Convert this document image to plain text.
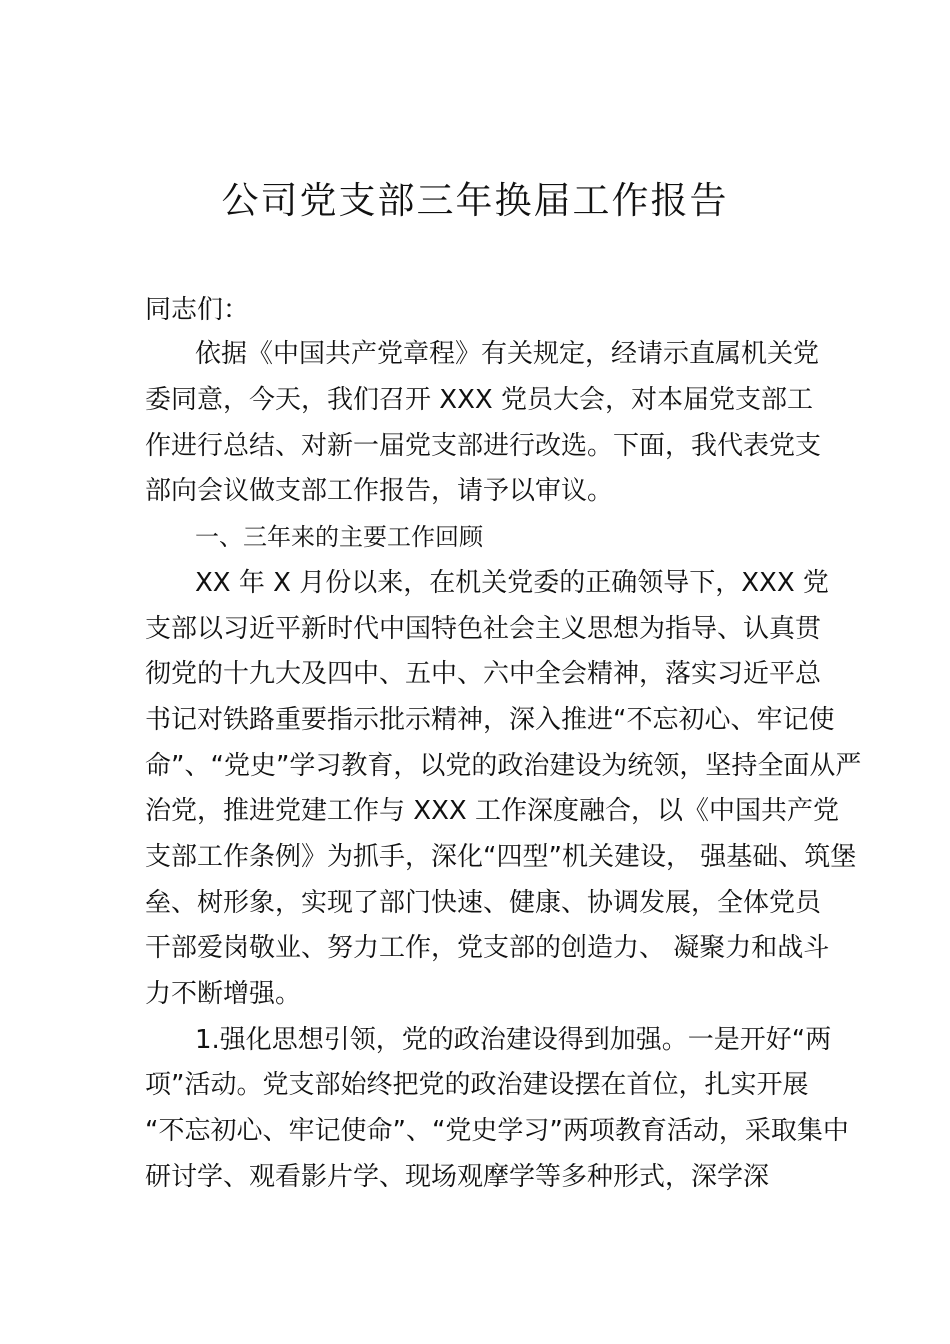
公司党支部三年换届工作报告

同志们：

依据《中国共产党章程》有关规定，经请示直属机关党

委同意，今天，我们召开 XXX 党员大会，对本届党支部工

作进行总结、对新一届党支部进行改选。下面，我代表党支

部向会议做支部工作报告，请予以审议。

一、三年来的主要工作回顾

XX 年 X 月份以来，在机关党委的正确领导下，XXX 党

支部以习近平新时代中国特色社会主义思想为指导、认真贯

彻党的十九大及四中、五中、六中全会精神，落实习近平总

书记对铁路重要指示批示精神，深入推进“不忘初心、牢记使

命”、“党史”学习教育，以党的政治建设为统领，坚持全面从严

治党，推进党建工作与 XXX 工作深度融合，以《中国共产党

支部工作条例》为抓手，深化“四型”机关建设， 强基础、筑堡

垒、树形象，实现了部门快速、健康、协调发展，全体党员

干部爱岗敬业、努力工作，党支部的创造力、 凝聚力和战斗

力不断增强。

1.强化思想引领，党的政治建设得到加强。一是开好“两

项”活动。党支部始终把党的政治建设摆在首位，扎实开展

“不忘初心、牢记使命”、“党史学习”两项教育活动，采取集中

研讨学、观看影片学、现场观摩学等多种形式，深学深
